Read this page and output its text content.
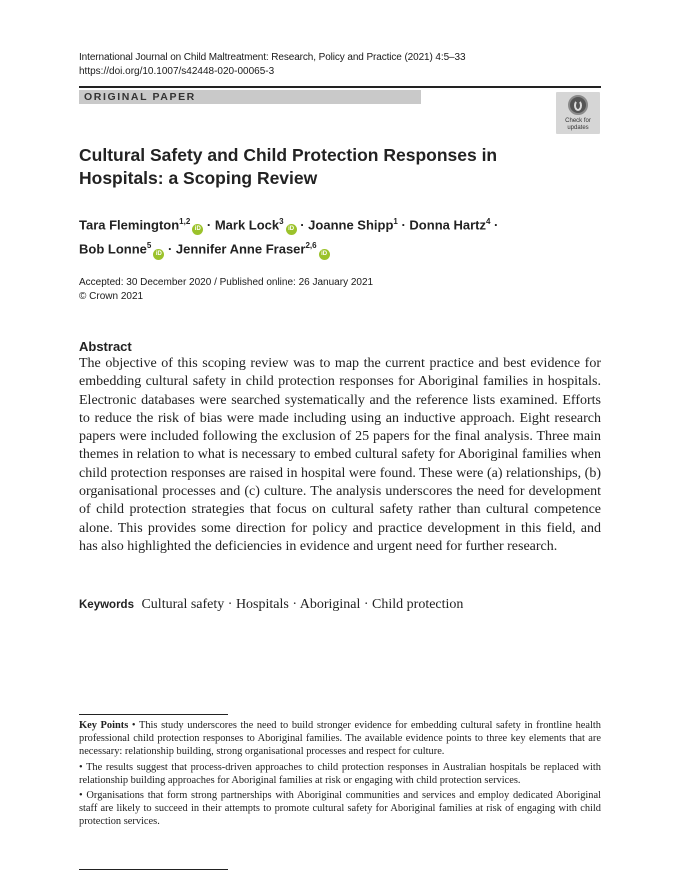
International Journal on Child Maltreatment: Research, Policy and Practice (2021) 4:5–33
https://doi.org/10.1007/s42448-020-00065-3
ORIGINAL PAPER
Check for updates
Cultural Safety and Child Protection Responses in Hospitals: a Scoping Review
Tara Flemington$^{1,2}$iD · Mark Lock$^3$iD · Joanne Shipp$^1$ · Donna Hartz$^4$ ·
Bob Lonne$^5$iD · Jennifer Anne Fraser$^{2,6}$iD
Accepted: 30 December 2020 / Published online: 26 January 2021
© Crown 2021
Abstract
The objective of this scoping review was to map the current practice and best evidence for embedding cultural safety in child protection responses for Aboriginal families in hospitals. Electronic databases were searched systematically and the reference lists examined. Efforts to reduce the risk of bias were made including using an inductive approach. Eight research papers were included following the exclusion of 25 papers for the final analysis. Three main themes in relation to what is necessary to embed cultural safety for Aboriginal families when child protection responses are raised in hospital were found. These were (a) relationships, (b) organisational processes and (c) culture. The analysis underscores the need for development of child protection strategies that focus on cultural safety rather than cultural competence alone. This provides some direction for policy and practice development in this field, and has also highlighted the deficiencies in evidence and urgent need for further research.
Keywords Cultural safety · Hospitals · Aboriginal · Child protection

Key Points • This study underscores the need to build stronger evidence for embedding cultural safety in frontline health professional child protection responses to Aboriginal families. The available evidence points to three key elements that are necessary: relationship building, strong organisational processes and respect for culture.

• The results suggest that process-driven approaches to child protection responses in Australian hospitals be replaced with relationship building approaches for Aboriginal families at risk or engaging with child protection services.

• Organisations that form strong partnerships with Aboriginal communities and services and employ dedicated Aboriginal staff are likely to succeed in their attempts to promote cultural safety for Aboriginal families at risk of engaging with child protection services.
